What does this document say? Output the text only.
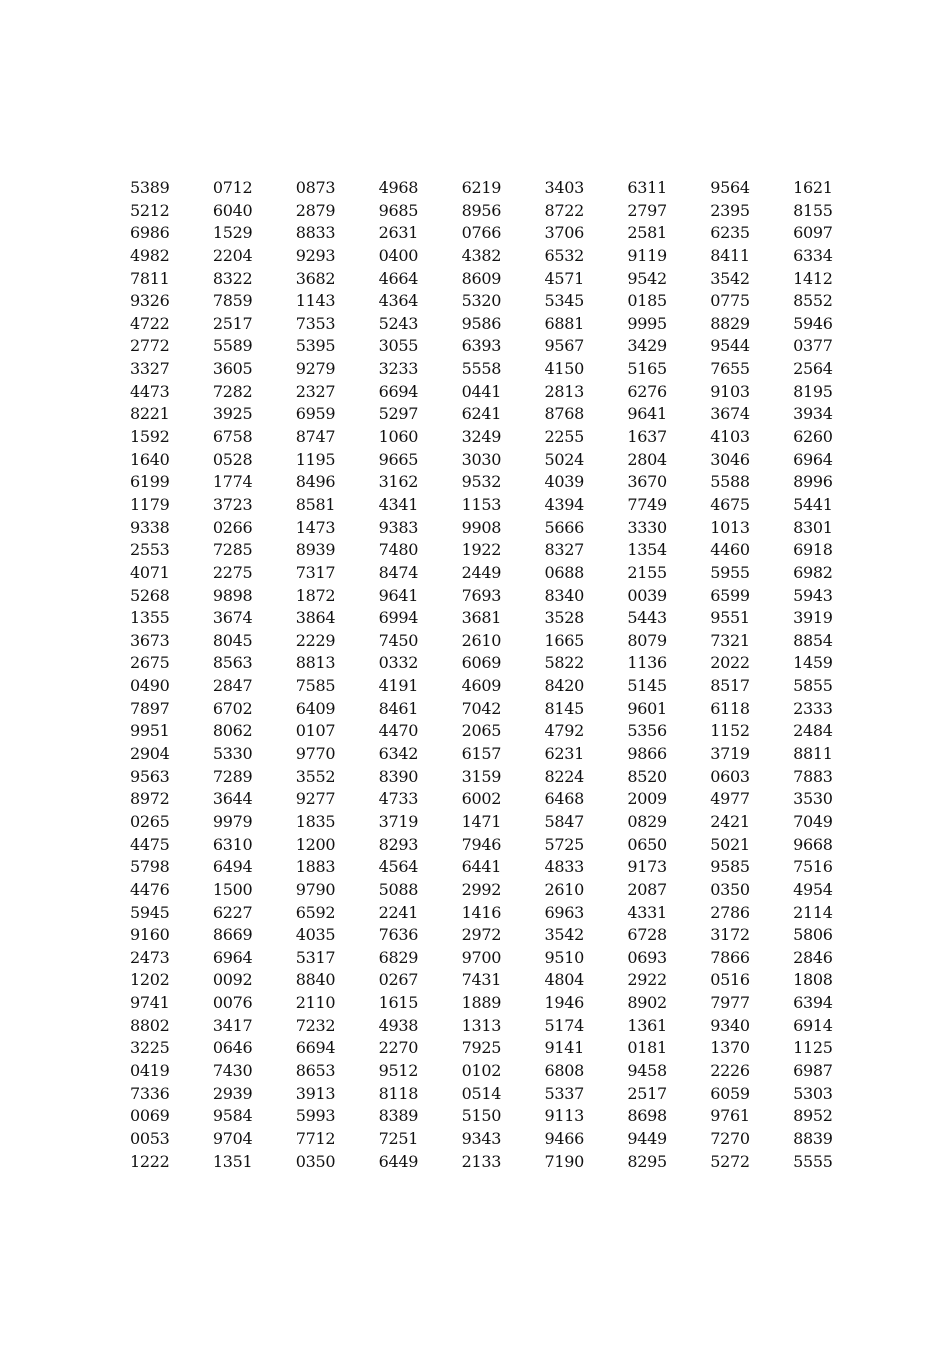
5389	0712	0873	4968	6219	3403	6311	9564	1621
5212	6040	2879	9685	8956	8722	2797	2395	8155
6986	1529	8833	2631	0766	3706	2581	6235	6097
4982	2204	9293	0400	4382	6532	9119	8411	6334
7811	8322	3682	4664	8609	4571	9542	3542	1412
9326	7859	1143	4364	5320	5345	0185	0775	8552
4722	2517	7353	5243	9586	6881	9995	8829	5946
2772	5589	5395	3055	6393	9567	3429	9544	0377
3327	3605	9279	3233	5558	4150	5165	7655	2564
4473	7282	2327	6694	0441	2813	6276	9103	8195
8221	3925	6959	5297	6241	8768	9641	3674	3934
1592	6758	8747	1060	3249	2255	1637	4103	6260
1640	0528	1195	9665	3030	5024	2804	3046	6964
6199	1774	8496	3162	9532	4039	3670	5588	8996
1179	3723	8581	4341	1153	4394	7749	4675	5441
9338	0266	1473	9383	9908	5666	3330	1013	8301
2553	7285	8939	7480	1922	8327	1354	4460	6918
4071	2275	7317	8474	2449	0688	2155	5955	6982
5268	9898	1872	9641	7693	8340	0039	6599	5943
1355	3674	3864	6994	3681	3528	5443	9551	3919
3673	8045	2229	7450	2610	1665	8079	7321	8854
2675	8563	8813	0332	6069	5822	1136	2022	1459
0490	2847	7585	4191	4609	8420	5145	8517	5855
7897	6702	6409	8461	7042	8145	9601	6118	2333
9951	8062	0107	4470	2065	4792	5356	1152	2484
2904	5330	9770	6342	6157	6231	9866	3719	8811
9563	7289	3552	8390	3159	8224	8520	0603	7883
8972	3644	9277	4733	6002	6468	2009	4977	3530
0265	9979	1835	3719	1471	5847	0829	2421	7049
4475	6310	1200	8293	7946	5725	0650	5021	9668
5798	6494	1883	4564	6441	4833	9173	9585	7516
4476	1500	9790	5088	2992	2610	2087	0350	4954
5945	6227	6592	2241	1416	6963	4331	2786	2114
9160	8669	4035	7636	2972	3542	6728	3172	5806
2473	6964	5317	6829	9700	9510	0693	7866	2846
1202	0092	8840	0267	7431	4804	2922	0516	1808
9741	0076	2110	1615	1889	1946	8902	7977	6394
8802	3417	7232	4938	1313	5174	1361	9340	6914
3225	0646	6694	2270	7925	9141	0181	1370	1125
0419	7430	8653	9512	0102	6808	9458	2226	6987
7336	2939	3913	8118	0514	5337	2517	6059	5303
0069	9584	5993	8389	5150	9113	8698	9761	8952
0053	9704	7712	7251	9343	9466	9449	7270	8839
1222	1351	0350	6449	2133	7190	8295	5272	5555
